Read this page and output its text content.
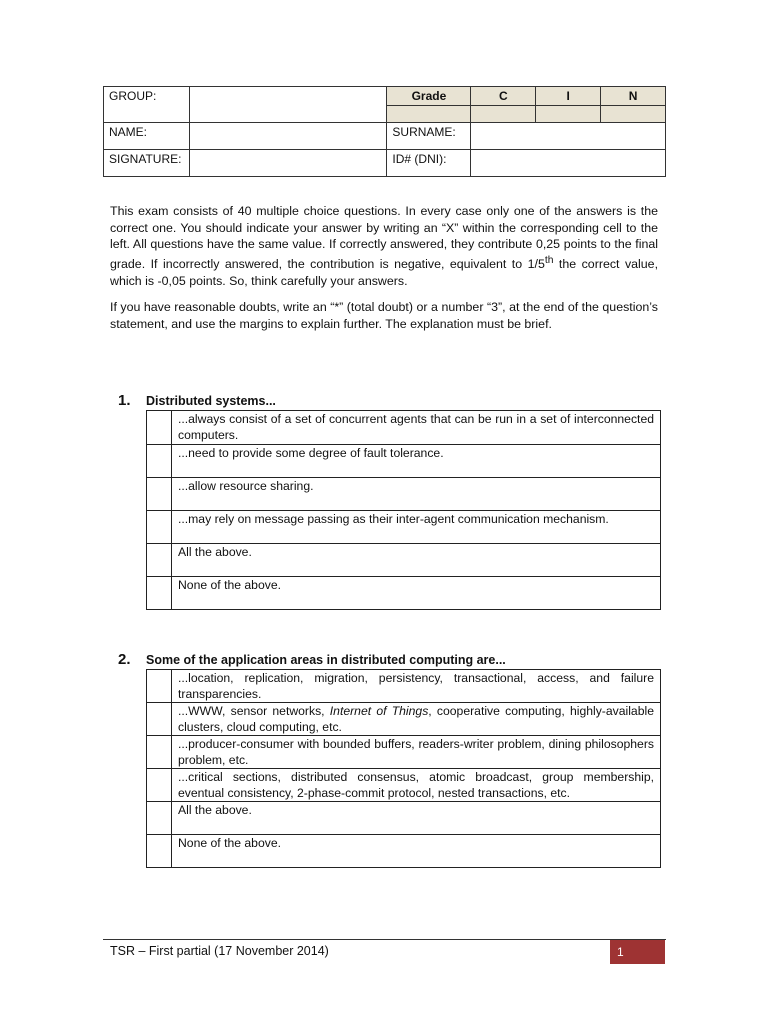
GROUP:		Grade	C	I	N

NAME:		SURNAME:			
SIGNATURE:		ID# (DNI):			

This exam consists of 40 multiple choice questions. In every case only one of the answers is the correct one. You should indicate your answer by writing an “X” within the corresponding cell to the left. All questions have the same value. If correctly answered, they contribute 0,25 points to the final grade. If incorrectly answered, the contribution is negative, equivalent to 1/5th the correct value, which is -0,05 points. So, think carefully your answers.

If you have reasonable doubts, write an “*” (total doubt) or a number “3”, at the end of the question’s statement, and use the margins to explain further. The explanation must be brief.

1. Distributed systems...
	...always consist of a set of concurrent agents that can be run in a set of interconnected computers.
	...need to provide some degree of fault tolerance.
	...allow resource sharing.
	...may rely on message passing as their inter-agent communication mechanism.
	All the above.
	None of the above.
2. Some of the application areas in distributed computing are...
	...location, replication, migration, persistency, transactional, access, and failure transparencies.
	...WWW, sensor networks, Internet of Things, cooperative computing, highly-available clusters, cloud computing, etc.
	...producer-consumer with bounded buffers, readers-writer problem, dining philosophers problem, etc.
	...critical sections, distributed consensus, atomic broadcast, group membership, eventual consistency, 2-phase-commit protocol, nested transactions, etc.
	All the above.
	None of the above.
TSR – First partial (17 November 2014)	1
